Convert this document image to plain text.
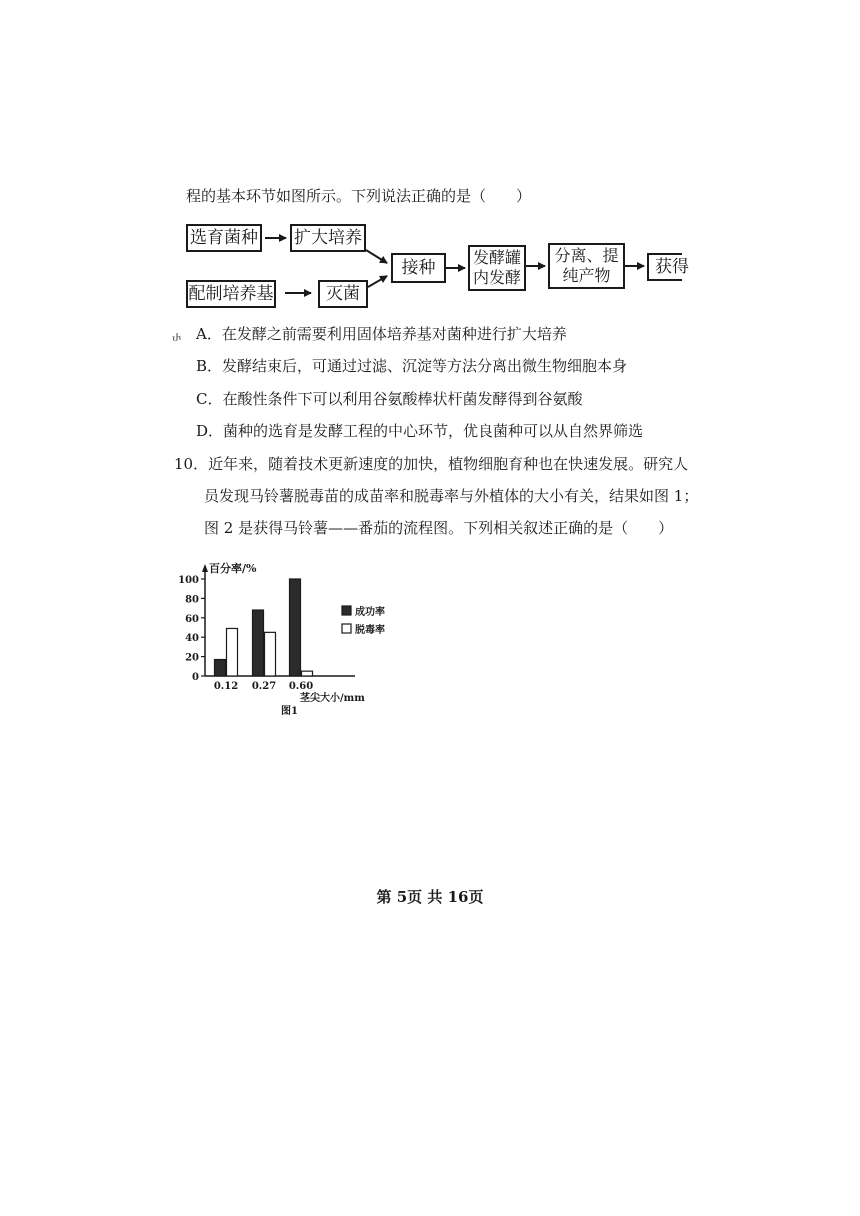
程的基本环节如图所示。下列说法正确的是（　　）
选育菌种 扩大培养
配制培养基	灭菌
接种
发酵罐
内发酵
分离、提
纯产物	获得
Ⴐ A．在发酵之前需要利用固体培养基对菌种进行扩大培养
B．发酵结束后，可通过过滤、沉淀等方法分离出微生物细胞本身
C．在酸性条件下可以利用谷氨酸棒状杆菌发酵得到谷氨酸
D．菌种的选育是发酵工程的中心环节，优良菌种可以从自然界筛选
10．近年来，随着技术更新速度的加快，植物细胞育种也在快速发展。研究人
员发现马铃薯脱毒苗的成苗率和脱毒率与外植体的大小有关，结果如图 1；
图 2 是获得马铃薯——番茄的流程图。下列相关叙述正确的是（　　）
百分率/%
0
20
40
60
80
100
0.12 0.27 0.60
茎尖大小/mm
图1
成功率
脱毒率
第 5页 共 16页
